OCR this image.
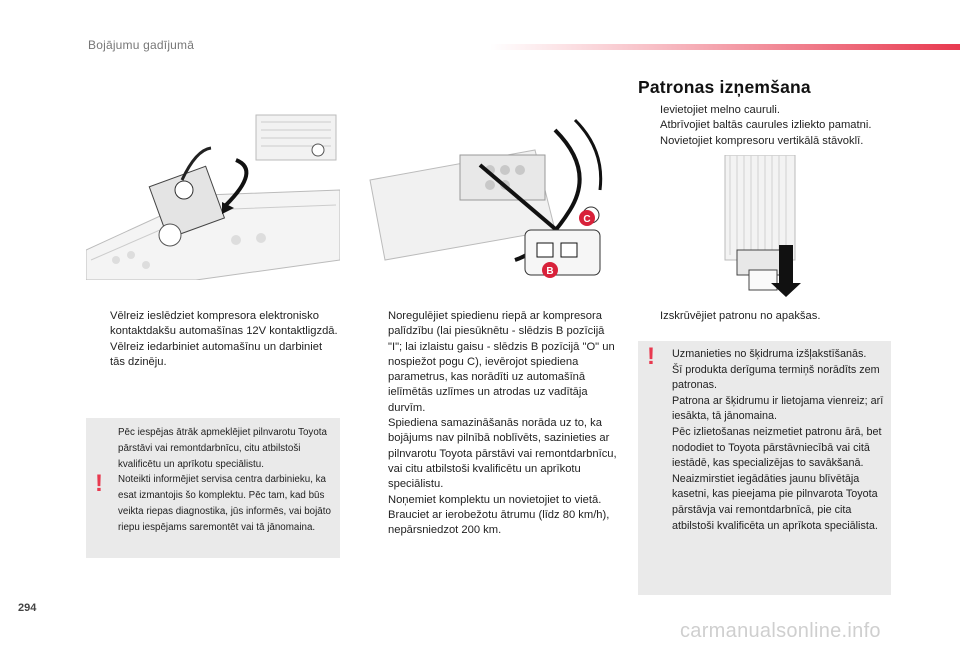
Bojājumu gadījumā
C
B
Vēlreiz ieslēdziet kompresora elektronisko kontaktdakšu automašīnas 12V kontaktligzdā.
Vēlreiz iedarbiniet automašīnu un darbiniet tās dzinēju.
!

Pēc iespējas ātrāk apmeklējiet pilnvarotu Toyota pārstāvi vai remontdarbnīcu, citu atbilstoši kvalificētu un aprīkotu speciālistu.

Noteikti informējiet servisa centra darbinieku, ka esat izmantojis šo komplektu. Pēc tam, kad būs veikta riepas diagnostika, jūs informēs, vai bojāto riepu iespējams saremontēt vai tā jānomaina.

Noregulējiet spiedienu riepā ar kompresora palīdzību (lai piesūknētu - slēdzis B pozīcijā "I"; lai izlaistu gaisu - slēdzis B pozīcijā "O" un nospiežot pogu C), ievērojot spiediena parametrus, kas norādīti uz automašīnā ielīmētās uzlīmes un atrodas uz vadītāja durvīm.
Spiediena samazināšanās norāda uz to, ka bojājums nav pilnībā noblīvēts, sazinieties ar pilnvarotu Toyota pārstāvi vai remontdarbnīcu, vai citu atbilstoši kvalificētu un aprīkotu speciālistu.
Noņemiet komplektu un novietojiet to vietā.
Brauciet ar ierobežotu ātrumu (līdz 80 km/h), nepārsniedzot 200 km.
Patronas izņemšana
Ievietojiet melno cauruli.
Atbrīvojiet baltās caurules izliekto pamatni.
Novietojiet kompresoru vertikālā stāvoklī.
Izskrūvējiet patronu no apakšas.
! Uzmanieties no šķidruma izšļakstīšanās.

Šī produkta derīguma termiņš norādīts zem patronas.

Patrona ar šķidrumu ir lietojama vienreiz; arī iesākta, tā jānomaina.

Pēc izlietošanas neizmetiet patronu ārā, bet nododiet to Toyota pārstāvniecībā vai citā iestādē, kas specializējas to savākšanā.

Neaizmirstiet iegādāties jaunu blīvētāja kasetni, kas pieejama pie pilnvarota Toyota pārstāvja vai remontdarbnīcā, pie cita atbilstoši kvalificēta un aprīkota speciālista.

294
carmanualsonline.info
